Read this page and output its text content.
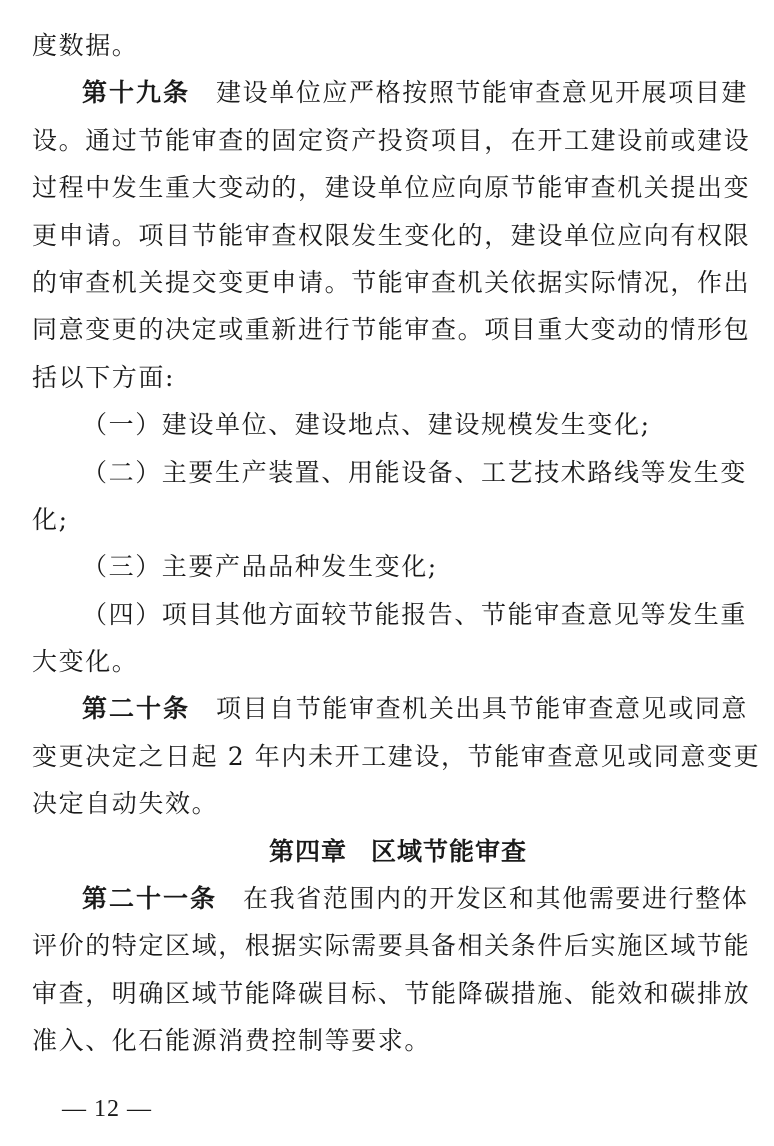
度数据。
第十九条 建设单位应严格按照节能审查意见开展项目建
设。通过节能审查的固定资产投资项目，在开工建设前或建设
过程中发生重大变动的，建设单位应向原节能审查机关提出变
更申请。项目节能审查权限发生变化的，建设单位应向有权限
的审查机关提交变更申请。节能审查机关依据实际情况，作出
同意变更的决定或重新进行节能审查。项目重大变动的情形包
括以下方面:
（一）建设单位、建设地点、建设规模发生变化;
（二）主要生产装置、用能设备、工艺技术路线等发生变
化;
（三）主要产品品种发生变化;
（四）项目其他方面较节能报告、节能审查意见等发生重
大变化。
第二十条 项目自节能审查机关出具节能审查意见或同意
变更决定之日起 2 年内未开工建设，节能审查意见或同意变更
决定自动失效。
第四章 区域节能审查
第二十一条 在我省范围内的开发区和其他需要进行整体
评价的特定区域，根据实际需要具备相关条件后实施区域节能
审查，明确区域节能降碳目标、节能降碳措施、能效和碳排放
准入、化石能源消费控制等要求。
— 12 —
